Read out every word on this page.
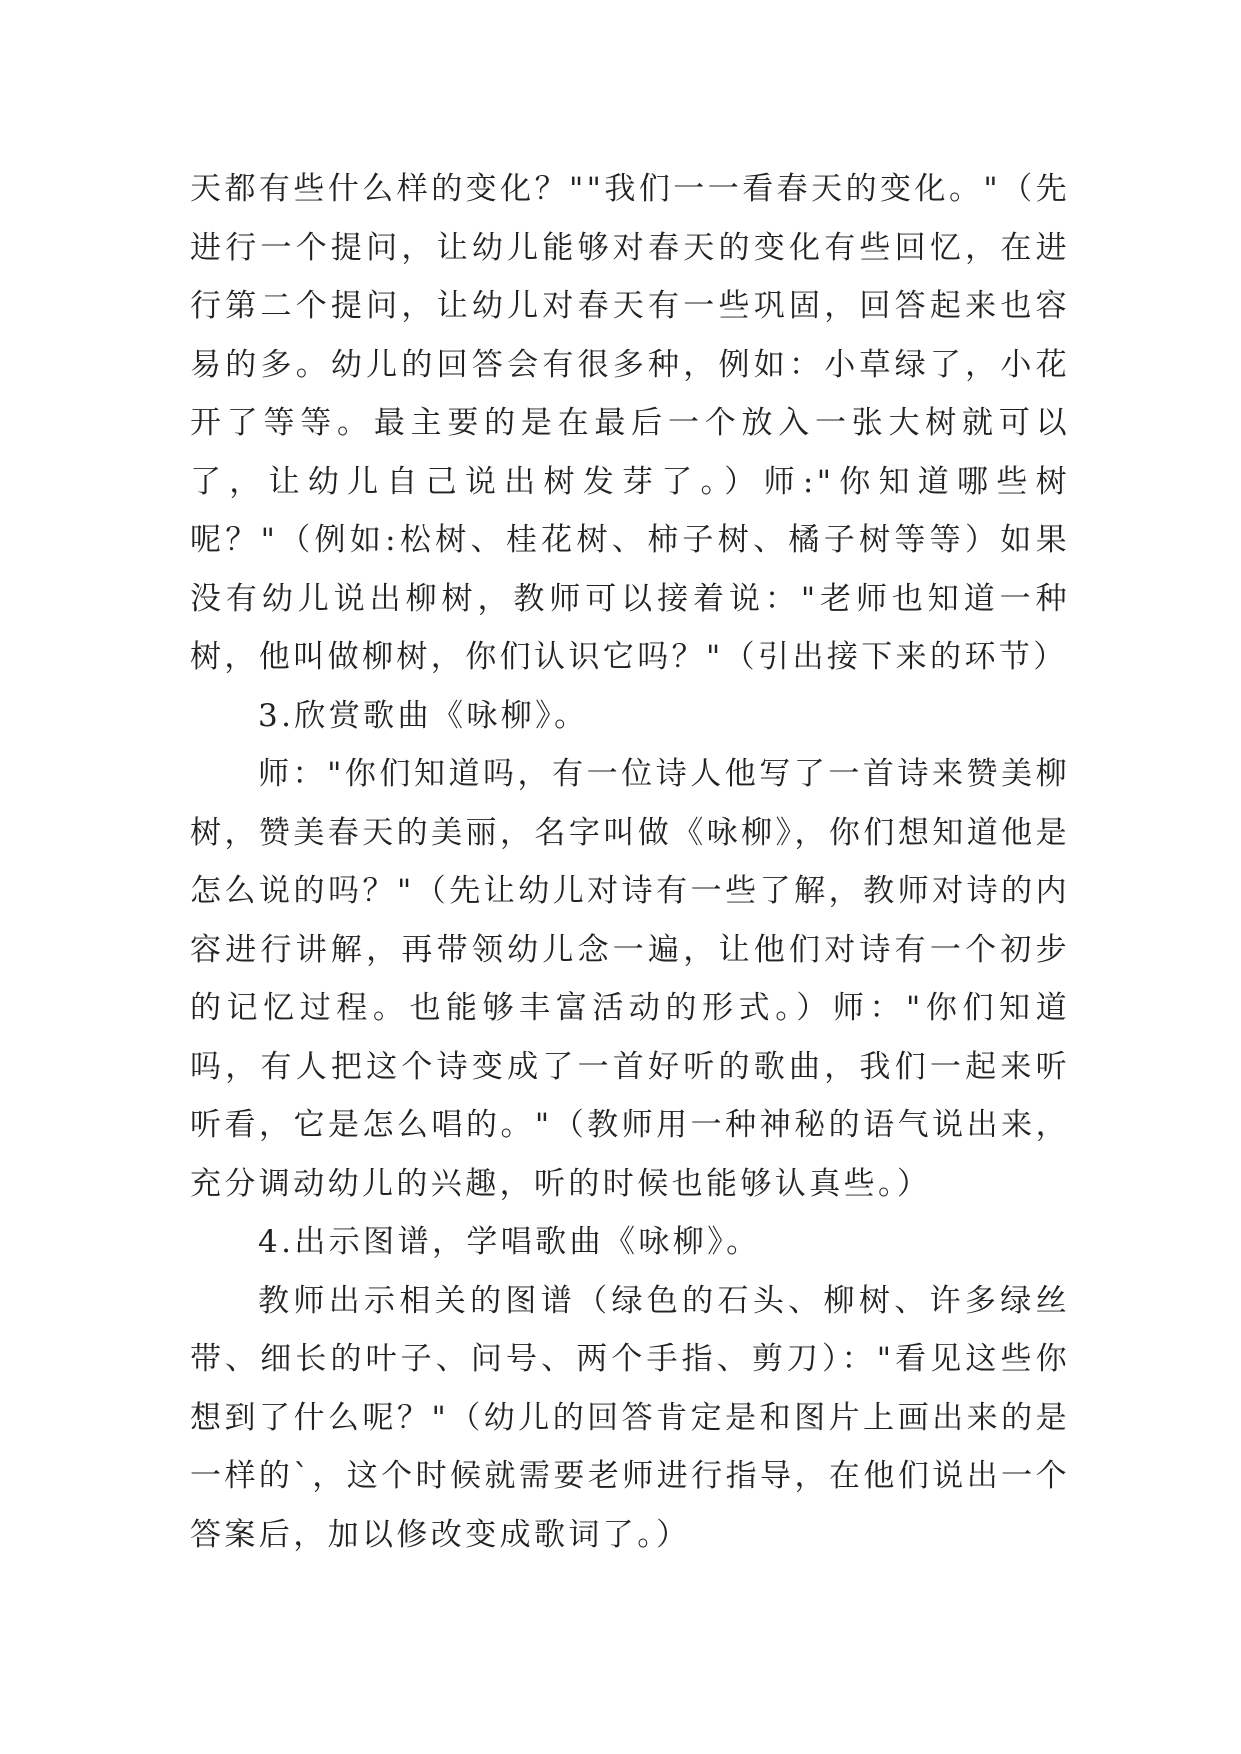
天都有些什么样的变化？""我们一一看春天的变化。"（先进行一个提问，让幼儿能够对春天的变化有些回忆，在进行第二个提问，让幼儿对春天有一些巩固，回答起来也容易的多。幼儿的回答会有很多种，例如：小草绿了，小花开了等等。最主要的是在最后一个放入一张大树就可以了，让幼儿自己说出树发芽了。）师:"你知道哪些树呢？"（例如:松树、桂花树、柿子树、橘子树等等）如果没有幼儿说出柳树，教师可以接着说："老师也知道一种树，他叫做柳树，你们认识它吗？"（引出接下来的环节）

3.欣赏歌曲《咏柳》。

师："你们知道吗，有一位诗人他写了一首诗来赞美柳树，赞美春天的美丽，名字叫做《咏柳》，你们想知道他是怎么说的吗？"（先让幼儿对诗有一些了解，教师对诗的内容进行讲解，再带领幼儿念一遍，让他们对诗有一个初步的记忆过程。也能够丰富活动的形式。）师："你们知道吗，有人把这个诗变成了一首好听的歌曲，我们一起来听听看，它是怎么唱的。"（教师用一种神秘的语气说出来，充分调动幼儿的兴趣，听的时候也能够认真些。）

4.出示图谱，学唱歌曲《咏柳》。

教师出示相关的图谱（绿色的石头、柳树、许多绿丝带、细长的叶子、问号、两个手指、剪刀）："看见这些你想到了什么呢？"（幼儿的回答肯定是和图片上画出来的是一样的`，这个时候就需要老师进行指导，在他们说出一个答案后，加以修改变成歌词了。）
